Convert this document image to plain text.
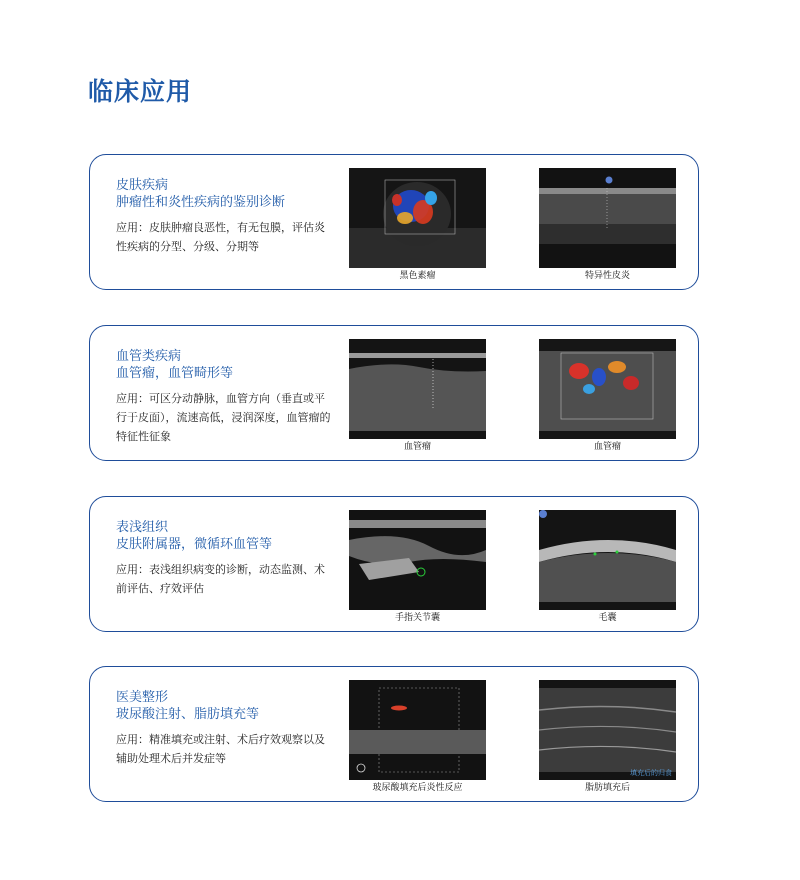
临床应用
皮肤疾病
肿瘤性和炎性疾病的鉴别诊断
应用：皮肤肿瘤良恶性，有无包膜，评估炎性疾病的分型、分级、分期等
黑色素瘤	特异性皮炎
血管类疾病
血管瘤，血管畸形等
应用：可区分动静脉，血管方向（垂直或平行于皮面），流速高低，浸润深度，血管瘤的特征性征象
血管瘤	血管瘤
表浅组织
皮肤附属器，微循环血管等
应用：表浅组织病变的诊断，动态监测、术前评估、疗效评估
手指关节囊	毛囊
医美整形
玻尿酸注射、脂肪填充等
应用：精准填充或注射、术后疗效观察以及辅助处理术后并发症等
玻尿酸填充后炎性反应
填充后的归食
脂肪填充后
